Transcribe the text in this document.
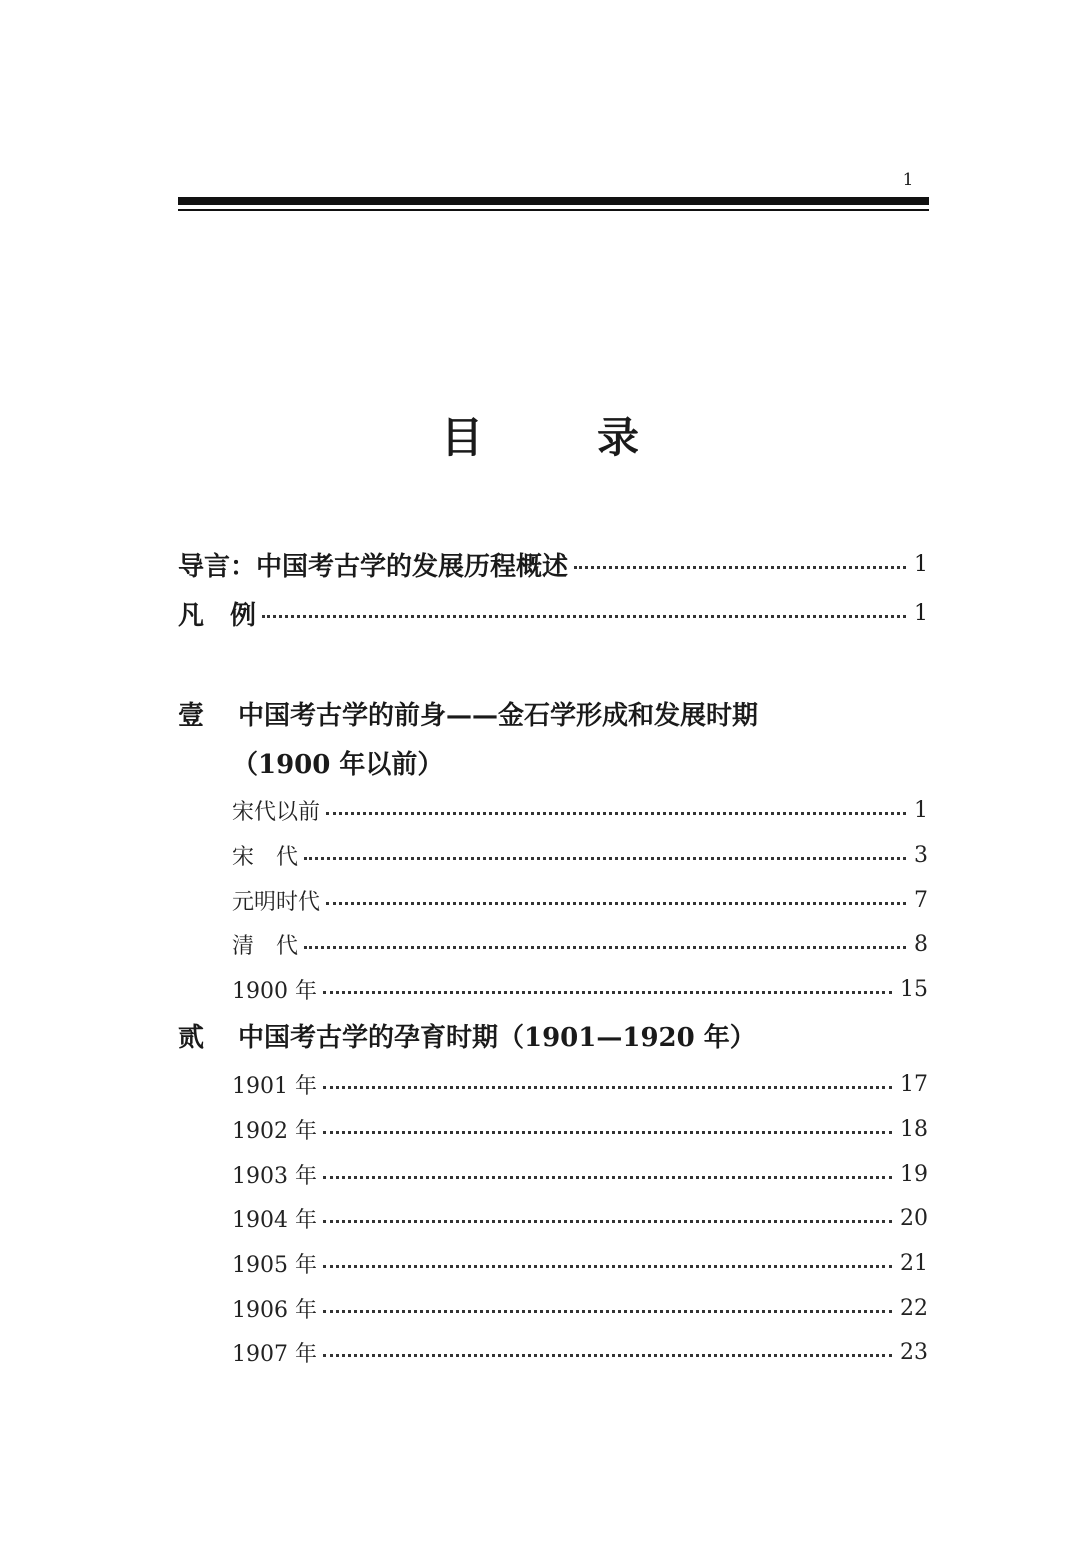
1
目　录
导言：中国考古学的发展历程概述	1
凡　例	1
壹	中国考古学的前身——金石学形成和发展时期
（1900 年以前）
宋代以前	1
宋　代	3
元明时代	7
清　代	8
1900 年	15
贰	中国考古学的孕育时期（1901—1920 年）
1901 年	17
1902 年	18
1903 年	19
1904 年	20
1905 年	21
1906 年	22
1907 年	23
